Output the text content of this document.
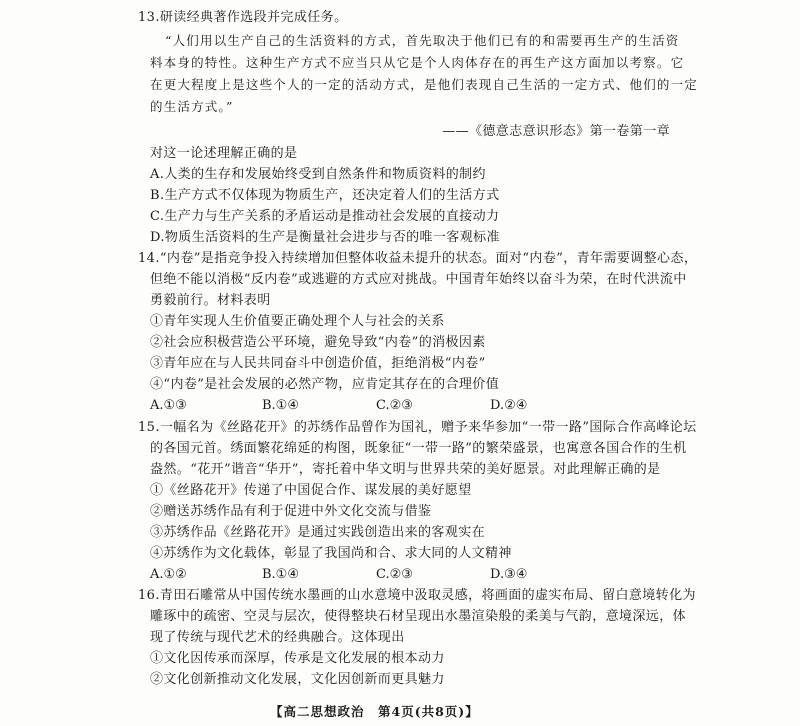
13.研读经典著作选段并完成任务。
“人们用以生产自己的生活资料的方式，首先取决于他们已有的和需要再生产的生活资
料本身的特性。这种生产方式不应当只从它是个人肉体存在的再生产这方面加以考察。它
在更大程度上是这些个人的一定的活动方式，是他们表现自己生活的一定方式、他们的一定
的生活方式。”
——《德意志意识形态》第一卷第一章
对这一论述理解正确的是
A.人类的生存和发展始终受到自然条件和物质资料的制约
B.生产方式不仅体现为物质生产，还决定着人们的生活方式
C.生产力与生产关系的矛盾运动是推动社会发展的直接动力
D.物质生活资料的生产是衡量社会进步与否的唯一客观标准
14.“内卷”是指竞争投入持续增加但整体收益未提升的状态。面对“内卷”，青年需要调整心态，
但绝不能以消极“反内卷”或逃避的方式应对挑战。中国青年始终以奋斗为荣，在时代洪流中
勇毅前行。材料表明
①青年实现人生价值要正确处理个人与社会的关系
②社会应积极营造公平环境，避免导致“内卷”的消极因素
③青年应在与人民共同奋斗中创造价值，拒绝消极“内卷”
④“内卷”是社会发展的必然产物，应肯定其存在的合理价值
A.①③	B.①④	C.②③	D.②④
15.一幅名为《丝路花开》的苏绣作品曾作为国礼，赠予来华参加“一带一路”国际合作高峰论坛
的各国元首。绣面繁花绵延的构图，既象征“一带一路”的繁荣盛景，也寓意各国合作的生机
盎然。“花开”谐音“华开”，寄托着中华文明与世界共荣的美好愿景。对此理解正确的是
①《丝路花开》传递了中国促合作、谋发展的美好愿望
②赠送苏绣作品有利于促进中外文化交流与借鉴
③苏绣作品《丝路花开》是通过实践创造出来的客观实在
④苏绣作为文化载体，彰显了我国尚和合、求大同的人文精神
A.①②	B.①④	C.②③	D.③④
16.青田石雕常从中国传统水墨画的山水意境中汲取灵感，将画面的虚实布局、留白意境转化为
雕琢中的疏密、空灵与层次，使得整块石材呈现出水墨渲染般的柔美与气韵，意境深远，体
现了传统与现代艺术的经典融合。这体现出
①文化因传承而深厚，传承是文化发展的根本动力
②文化创新推动文化发展，文化因创新而更具魅力
【高二思想政治　第4页(共8页)】
